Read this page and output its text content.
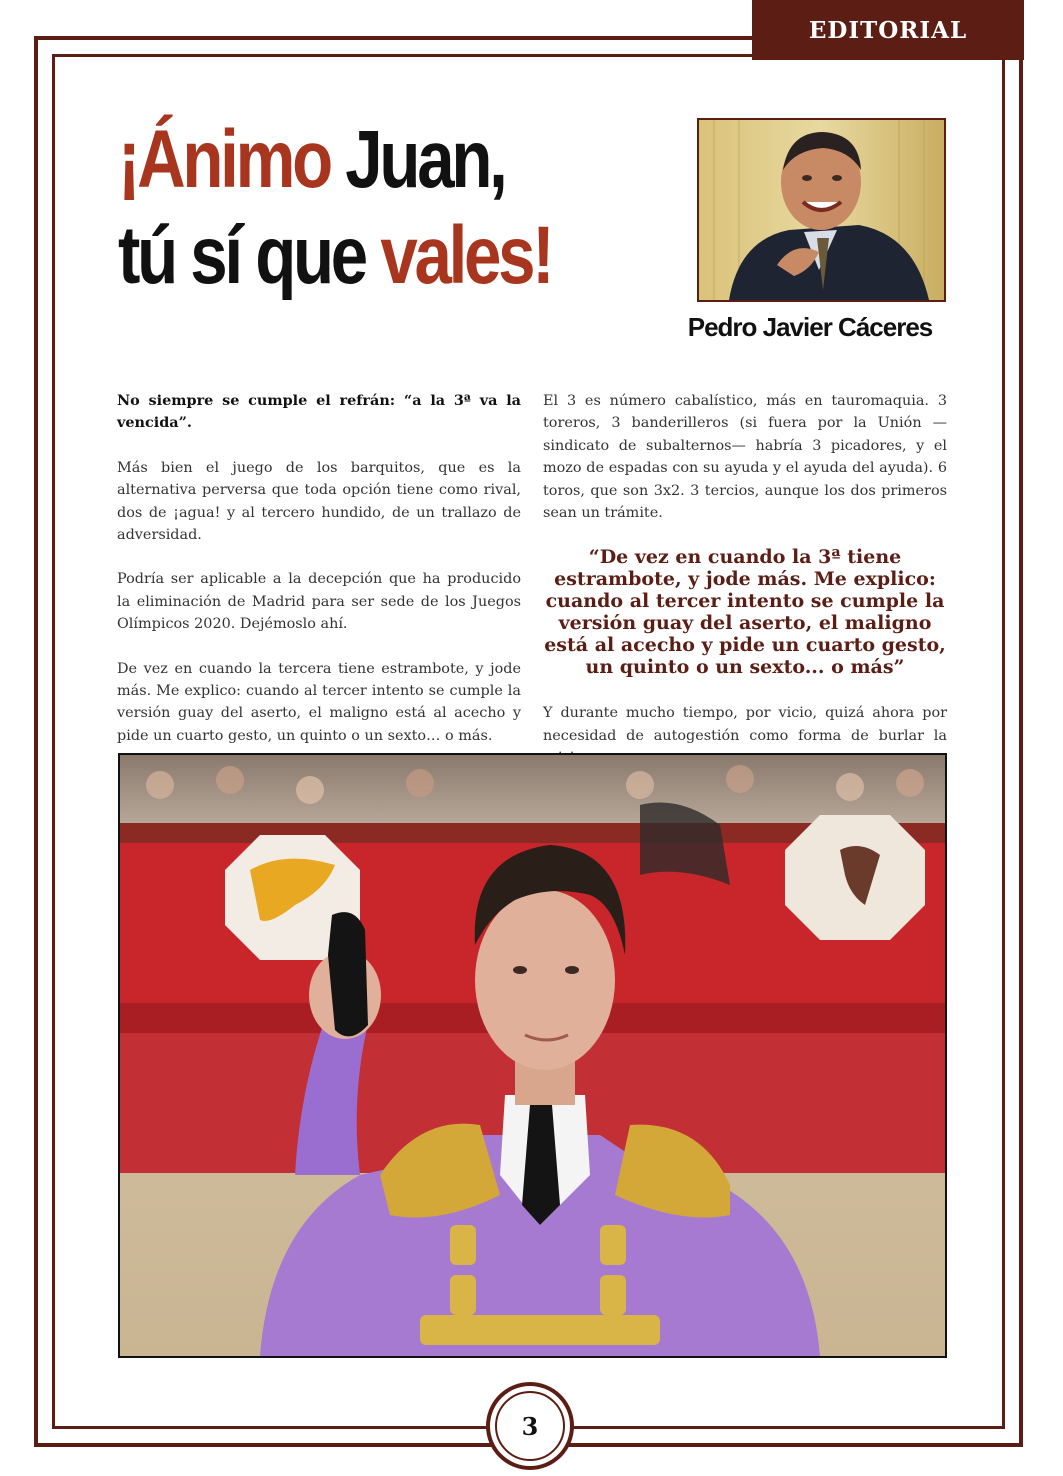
EDITORIAL
¡Ánimo Juan,
tú sí que vales!
Pedro Javier Cáceres

No siempre se cumple el refrán: “a la 3ª va la vencida”.

Más bien el juego de los barquitos, que es la alternativa perversa que toda opción tiene como rival, dos de ¡agua! y al tercero hundido, de un trallazo de adversidad.

Podría ser aplicable a la decepción que ha producido la eliminación de Madrid para ser sede de los Juegos Olímpicos 2020. Dejémoslo ahí.

De vez en cuando la tercera tiene estrambote, y jode más. Me explico: cuando al tercer intento se cumple la versión guay del aserto, el maligno está al acecho y pide un cuarto gesto, un quinto o un sexto… o más.

El 3 es número cabalístico, más en tauromaquia. 3 toreros, 3 banderilleros (si fuera por la Unión —sindicato de subalternos— habría 3 picadores, y el mozo de espadas con su ayuda y el ayuda del ayuda). 6 toros, que son 3x2. 3 tercios, aunque los dos primeros sean un trámite.

“De vez en cuando la 3ª tiene estrambote, y jode más. Me explico: cuando al tercer intento se cumple la versión guay del aserto, el maligno está al acecho y pide un cuarto gesto, un quinto o un sexto... o más”

Y durante mucho tiempo, por vicio, quizá ahora por necesidad de autogestión como forma de burlar la

3
